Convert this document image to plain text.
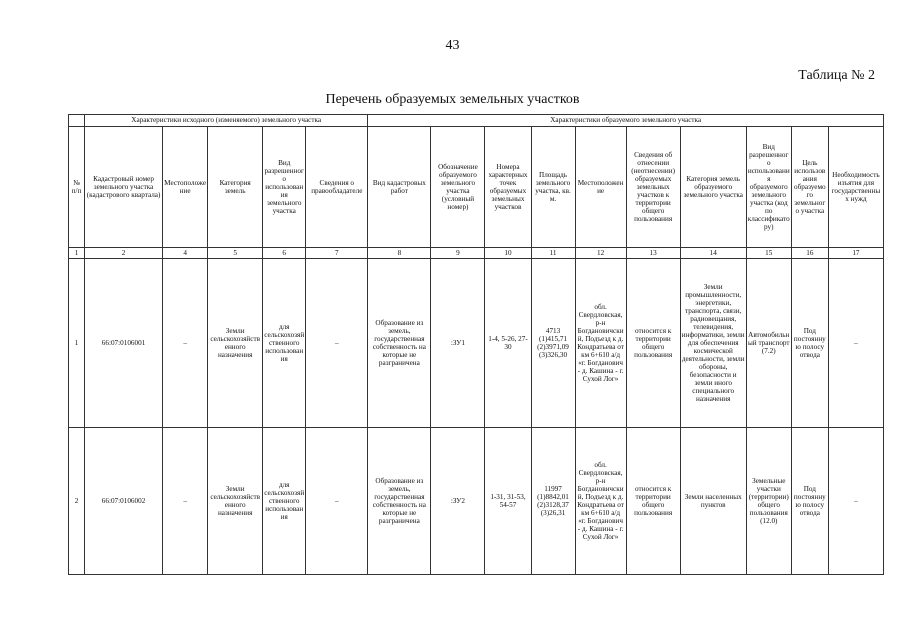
43
Таблица № 2
Перечень образуемых земельных участков
	Характеристики исходного (изменяемого) земельного участка					Характеристики образуемого земельного участка									
№ п/п	Кадастровый номер земельного участка (кадастрового квартала)	Местоположение	Категория земель	Вид разрешенного использования земельного участка	Сведения о правообладателе	Вид кадастровых работ	Обозначение образуемого земельного участка (условный номер)	Номера характерных точек образуемых земельных участков	Площадь земельного участка, кв. м.	Местоположение	Сведения об отнесении (неотнесении) образуемых земельных участков к территории общего пользования	Категория земель образуемого земельного участка	Вид разрешенного использования образуемого земельного участка (код по классификатору)	Цель использования образуемого земельного участка	Необходимость изъятия для государственных нужд
1	2	4	5	6	7	8	9	10	11	12	13	14	15	16	17
1	66:07:0106001	–	Земли сельскохозяйственного назначения	для сельскохозяйственного использования	–	Образование из земель, государственная собственность на которые не разграничена	:ЗУ1	1-4, 5-26, 27-30	4713 (1)415,71 (2)3971,09 (3)326,30	обл. Свердловская, р-н Богдановичский, Подъезд к д. Кондратьева от км 6+610 а/д «г. Богданович - д. Кашина - г. Сухой Лог»	относится к территории общего пользования	Земли промышленности, энергетики, транспорта, связи, радиовещания, телевидения, информатики, земли для обеспечения космической деятельности, земли обороны, безопасности и земли иного специального назначения	Автомобильный транспорт (7.2)	Под постоянную полосу отвода	–
2	66:07:0106002	–	Земли сельскохозяйственного назначения	для сельскохозяйственного использования	–	Образование из земель, государственная собственность на которые не разграничена	:ЗУ2	1-31, 31-53, 54-57	11997 (1)8842,01 (2)3128,37 (3)26,31	обл. Свердловская, р-н Богдановичский, Подъезд к д. Кондратьева от км 6+610 а/д «г. Богданович - д. Кашина - г. Сухой Лог»	относится к территории общего пользования	Земли населенных пунктов	Земельные участки (территории) общего пользования (12.0)	Под постоянную полосу отвода	–
